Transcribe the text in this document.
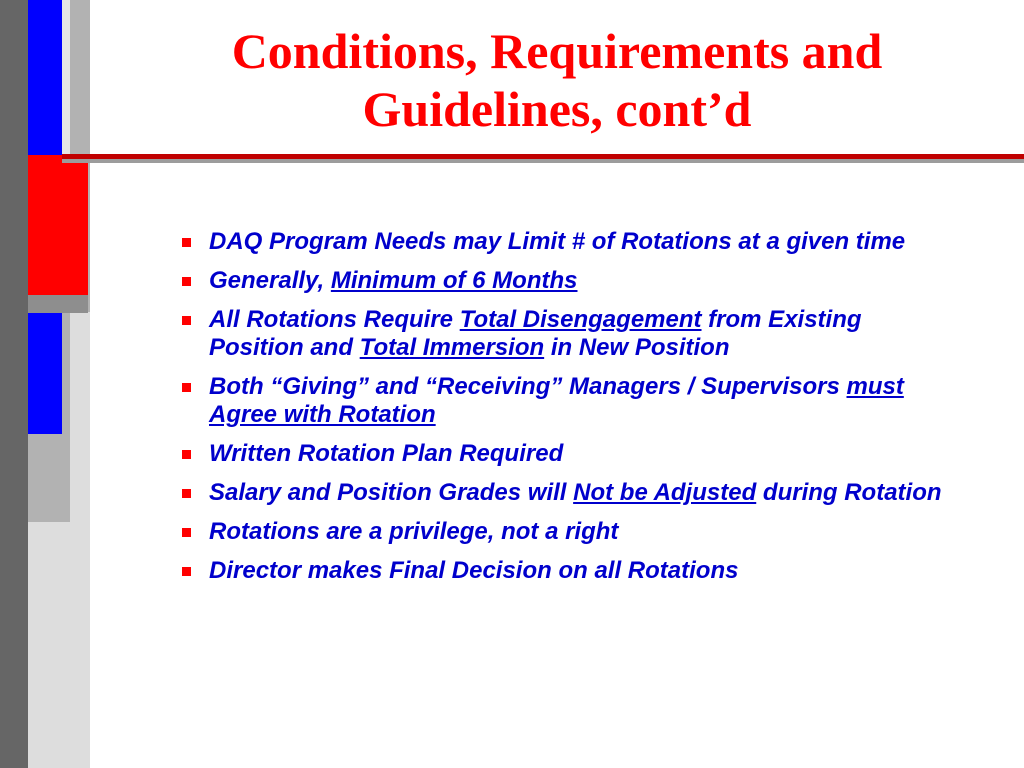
Conditions, Requirements and
Guidelines, cont’d
DAQ Program Needs may Limit # of Rotations at a given time
Generally, Minimum of 6 Months
All Rotations Require Total Disengagement from Existing Position and Total Immersion in New Position
Both “Giving” and “Receiving” Managers / Supervisors must Agree with Rotation
Written Rotation Plan Required
Salary and Position Grades will Not be Adjusted during Rotation
Rotations are a privilege, not a right
Director makes Final Decision on all Rotations
